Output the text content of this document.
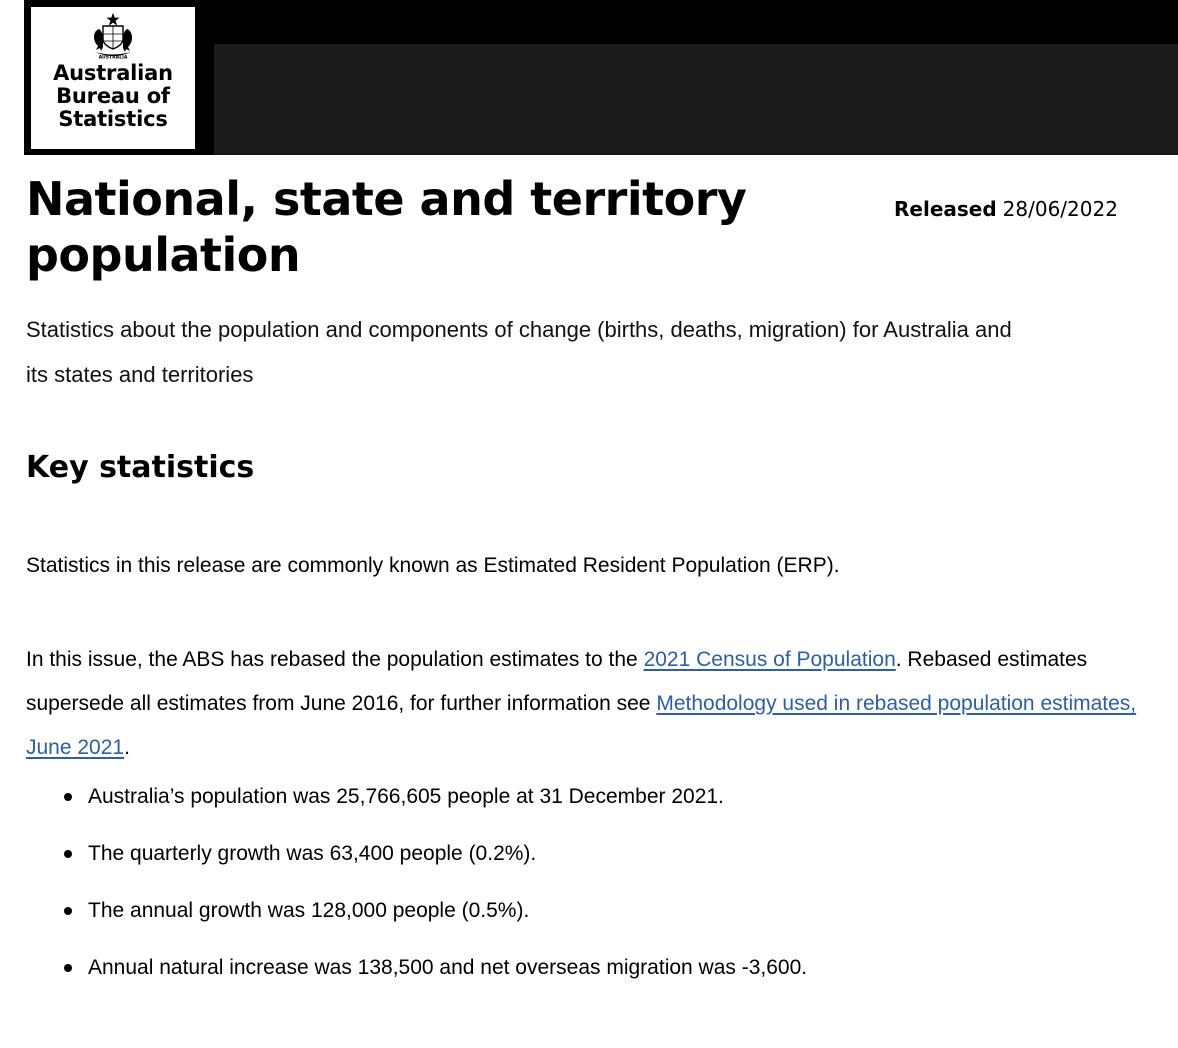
AUSTRALIA
Australian
Bureau of
Statistics
National, state and territory population
Released 28/06/2022
Statistics about the population and components of change (births, deaths, migration) for Australia and its states and territories
Key statistics

Statistics in this release are commonly known as Estimated Resident Population (ERP).

In this issue, the ABS has rebased the population estimates to the 2021 Census of Population. Rebased estimates supersede all estimates from June 2016, for further information see Methodology used in rebased population estimates, June 2021.

Australia’s population was 25,766,605 people at 31 December 2021.
The quarterly growth was 63,400 people (0.2%).
The annual growth was 128,000 people (0.5%).
Annual natural increase was 138,500 and net overseas migration was -3,600.
